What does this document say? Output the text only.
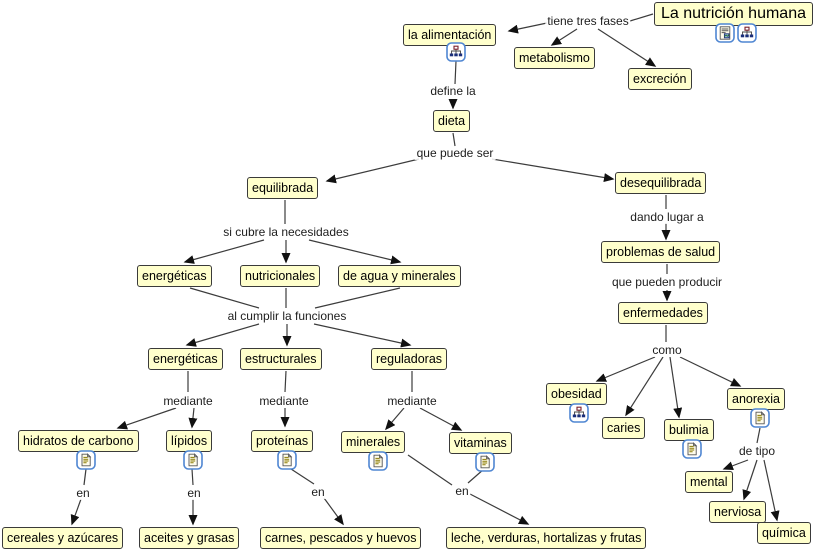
La nutrición humana
la alimentación
metabolismo
excreción
dieta
equilibrada	desequilibrada
energéticas	nutricionales	de agua y minerales
problemas de salud
enfermedades
energéticas	estructurales	reguladoras
obesidad
caries	bulimia
anorexia
hidratos de carbono	lípidos	proteínas	minerales	vitaminas
mental
nerviosa
química
cereales y azúcares	aceites y grasas	carnes, pescados y huevos	leche, verduras, hortalizas y frutas
tiene tres fases
define la
que puede ser
si cubre la necesidades
al cumplir la funciones
dando lugar a
que pueden producir
como
mediante	mediante	mediante
de tipo
en	en	en	en
